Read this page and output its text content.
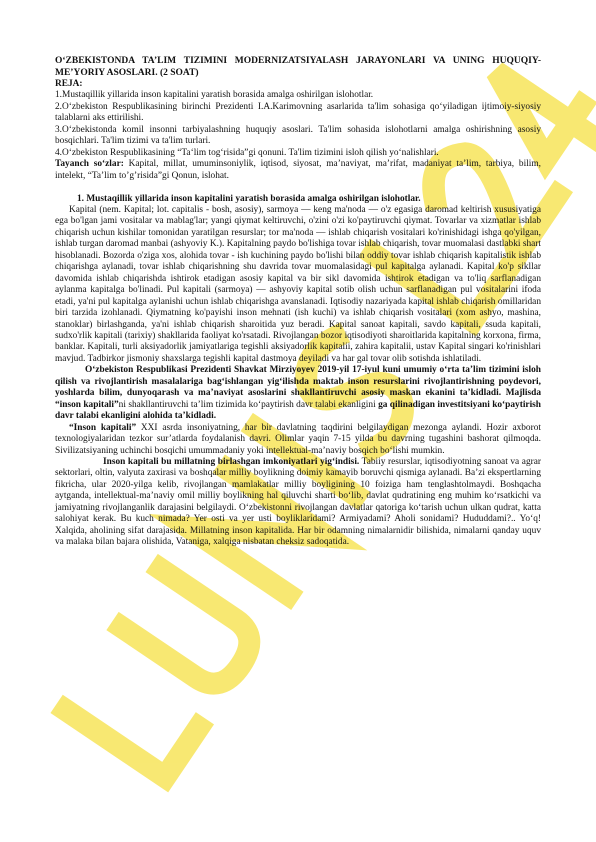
O‘ZBEKISTONDA TA’LIM TIZIMINI MODERNIZATSIYALASH JARAYONLARI VA UNING HUQUQIY-ME’YORIY ASOSLARI. (2 SOAT)

REJA:

1.Mustaqillik yillarida inson kapitalini yaratish borasida amalga oshirilgan islohotlar.

2.O‘zbekiston Respublikasining birinchi Prezidenti I.A.Karimovning asarlarida ta'lim sohasiga qo‘yiladigan ijtimoiy-siyosiy talablarni aks ettirilishi.

3.O‘zbekistonda komil insonni tarbiyalashning huquqiy asoslari. Ta'lim sohasida islohotlarni amalga oshirishning asosiy bosqichlari. Ta'lim tizimi va ta'lim turlari.

4.O‘zbekiston Respublikasining “Ta‘lim tog‘risida”gi qonuni. Ta'lim tizimini isloh qilish yo‘nalishlari.

Tayanch so‘zlar: Kapital, millat, umuminsoniylik, iqtisod, siyosat, ma’naviyat, ma’rifat, madaniyat ta’lim, tarbiya, bilim, intelekt, “Ta’lim to’g’risida”gi Qonun, islohat.

1. Mustaqillik yillarida inson kapitalini yaratish borasida amalga oshirilgan islohotlar.

Kapital (nem. Kapital; lot. capitalis - bosh, asosiy), sarmoya — keng ma'noda — o'z egasiga daromad keltirish xususiyatiga ega bo'lgan jami vositalar va mablag'lar; yangi qiymat keltiruvchi, o'zini o'zi ko'paytiruvchi qiymat. Tovarlar va xizmatlar ishlab chiqarish uchun kishilar tomonidan yaratilgan resurslar; tor ma'noda — ishlab chiqarish vositalari ko'rinishidagi ishga qo'yilgan, ishlab turgan daromad manbai (ashyoviy K.). Kapitalning paydo bo'lishiga tovar ishlab chiqarish, tovar muomalasi dastlabki shart hisoblanadi. Bozorda o'ziga xos, alohida tovar - ish kuchining paydo bo'lishi bilan oddiy tovar ishlab chiqarish kapitalistik ishlab chiqarishga aylanadi, tovar ishlab chiqarishning shu davrida tovar muomalasidagi pul kapitalga aylanadi. Kapital ko'p sikllar davomida ishlab chiqarishda ishtirok etadigan asosiy kapital va bir sikl davomida ishtirok etadigan va to'liq sarflanadigan aylanma kapitalga bo'linadi. Pul kapitali (sarmoya) — ashyoviy kapital sotib olish uchun sarflanadigan pul vositalarini ifoda etadi, ya'ni pul kapitalga aylanishi uchun ishlab chiqarishga avanslanadi. Iqtisodiy nazariyada kapital ishlab chiqarish omillaridan biri tarzida izohlanadi. Qiymatning ko'payishi inson mehnati (ish kuchi) va ishlab chiqarish vositalari (xom ashyo, mashina, stanoklar) birlashganda, ya'ni ishlab chiqarish sharoitida yuz beradi. Kapital sanoat kapitali, savdo kapitali, ssuda kapitali, sudxo'rlik kapitali (tarixiy) shakllarida faoliyat ko'rsatadi. Rivojlangan bozor iqtisodiyoti sharoitlarida kapitalning korxona, firma, banklar. Kapitali, turli aksiyadorlik jamiyatlariga tegishli aksiyadorlik kapitalii, zahira kapitalii, ustav Kapital singari ko'rinishlari mavjud. Tadbirkor jismoniy shaxslarga tegishli kapital dastmoya deyiladi va har gal tovar olib sotishda ishlatiladi.

O‘zbekiston Respublikasi Prezidenti Shavkat Mirziyoyev 2019-yil 17-iyul kuni umumiy o‘rta ta’lim tizimini isloh qilish va rivojlantirish masalalariga bag‘ishlangan yig‘ilishda maktab inson resurslarini rivojlantirishning poydevori, yoshlarda bilim, dunyoqarash va ma’naviyat asoslarini shakllantiruvchi asosiy maskan ekanini ta’kidladi. Majlisda “inson kapitali”ni shakllantiruvchi ta’lim tizimida ko‘paytirish davr talabi ekanligini ga qilinadigan investitsiyani ko‘paytirish davr talabi ekanligini alohida ta’kidladi.

“Inson kapitali” XXI asrda insoniyatning, har bir davlatning taqdirini belgilaydigan mezonga aylandi. Hozir axborot texnologiyalaridan tezkor sur’atlarda foydalanish davri. Olimlar yaqin 7-15 yilda bu davrning tugashini bashorat qilmoqda. Sivilizatsiyaning uchinchi bosqichi umummadaniy yoki intellektual-ma’naviy bosqich bo‘lishi mumkin.

Inson kapitali bu millatning birlashgan imkoniyatlari yig‘indisi. Tabiiy resurslar, iqtisodiyotning sanoat va agrar sektorlari, oltin, valyuta zaxirasi va boshqalar milliy boylikning doimiy kamayib boruvchi qismiga aylanadi. Ba’zi ekspertlarning fikricha, ular 2020-yilga kelib, rivojlangan mamlakatlar milliy boyligining 10 foiziga ham tenglashtolmaydi. Boshqacha aytganda, intellektual-ma’naviy omil milliy boylikning hal qiluvchi sharti bo‘lib, davlat qudratining eng muhim ko‘rsatkichi va jamiyatning rivojlanganlik darajasini belgilaydi. O‘zbekistonni rivojlangan davlatlar qatoriga ko‘tarish uchun ulkan qudrat, katta salohiyat kerak. Bu kuch nimada? Yer osti va yer usti boyliklaridami? Armiyadami? Aholi sonidami? Hududdami?.. Yo‘q! Xalqida, aholining sifat darajasida. Millatning inson kapitalida. Har bir odamning nimalarnidir bilishida, nimalarni qanday uquv va malaka bilan bajara olishida, Vataniga, xalqiga nisbatan cheksiz sadoqatida.
